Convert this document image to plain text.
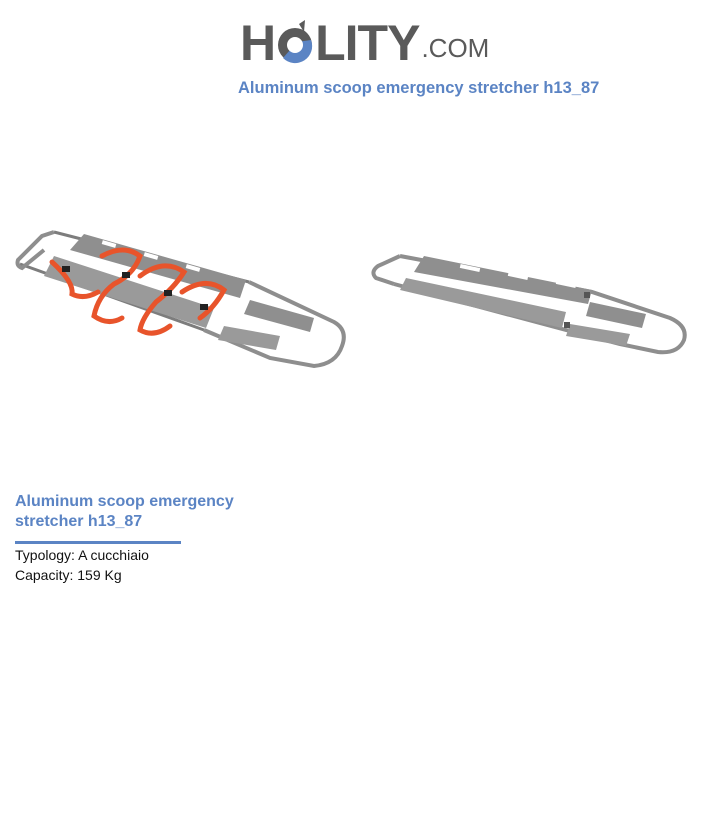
H LITY .COM
Aluminum scoop emergency stretcher h13_87
Aluminum scoop emergency stretcher h13_87
Typology: A cucchiaio
Capacity: 159 Kg
